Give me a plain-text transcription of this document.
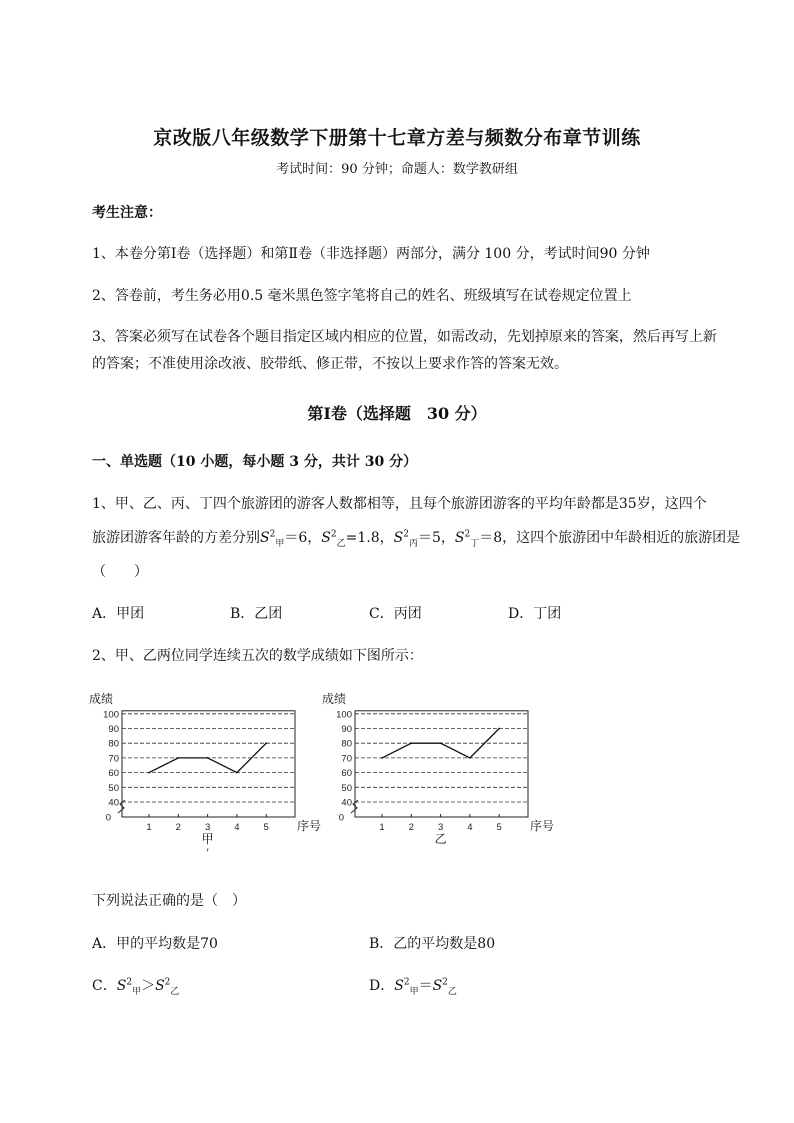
京改版八年级数学下册第十七章方差与频数分布章节训练
考试时间：90 分钟；命题人：数学教研组
考生注意：
1、本卷分第Ⅰ卷（选择题）和第Ⅱ卷（非选择题）两部分，满分 100 分，考试时间90 分钟
2、答卷前，考生务必用0.5 毫米黑色签字笔将自己的姓名、班级填写在试卷规定位置上
3、答案必须写在试卷各个题目指定区域内相应的位置，如需改动，先划掉原来的答案，然后再写上新
的答案；不准使用涂改液、胶带纸、修正带，不按以上要求作答的答案无效。
第Ⅰ卷（选择题　30 分）
一、单选题（10 小题，每小题 3 分，共计 30 分）
1、甲、乙、丙、丁四个旅游团的游客人数都相等，且每个旅游团游客的平均年龄都是35岁，这四个
旅游团游客年龄的方差分别$S^2_甲=6$，$S^2_乙=1.8$，$S^2_丙=5$，$S^2_丁=8$，这四个旅游团中年龄相近的旅游团是
（　　）
A．甲团	B．乙团	C．丙团	D．丁团
2、甲、乙两位同学连续五次的数学成绩如下图所示：
40
50
60
70
80
90
100
0
1	2	3	4	5
成绩
序号
甲
′
40
50
60
70
80
90
100
0
1	2	3	4	5
成绩
序号
乙
下列说法正确的是（　）
A．甲的平均数是70	B．乙的平均数是80
C．$S^2_甲>S^2_乙$	D．$S^2_甲=S^2_乙$
